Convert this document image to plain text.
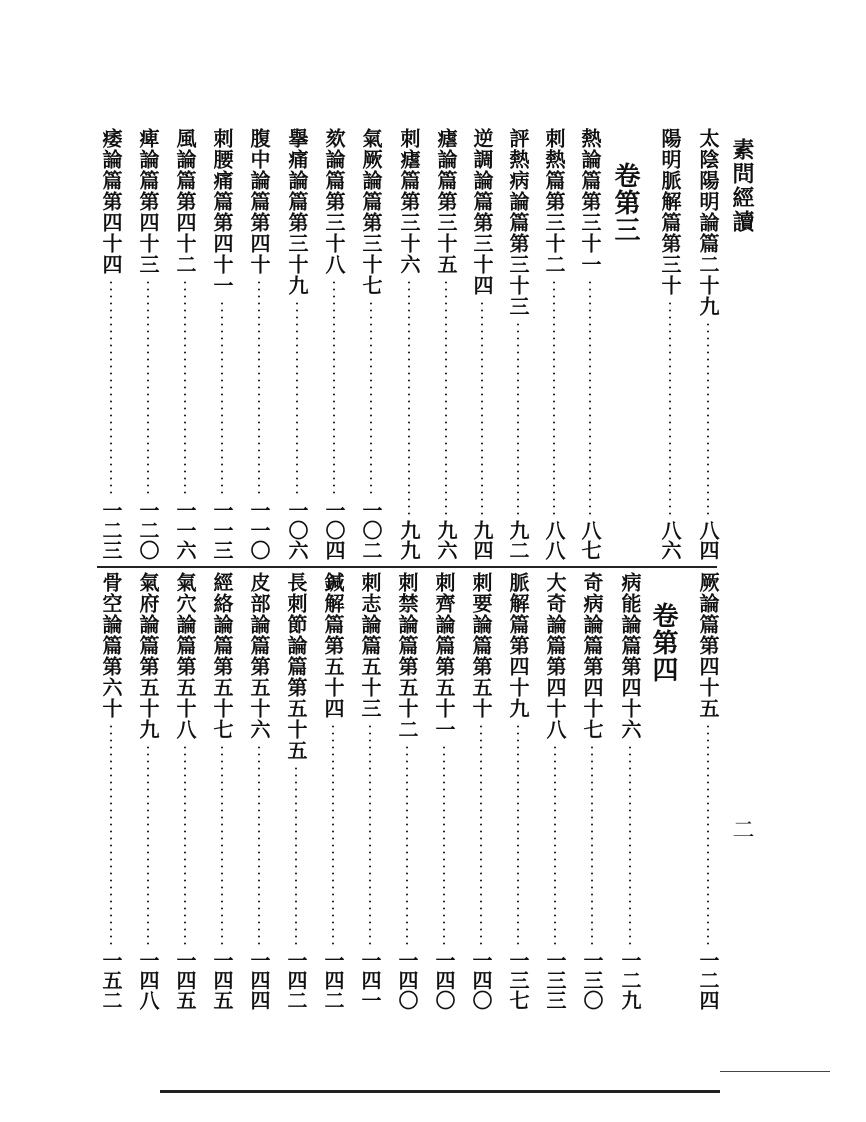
素問經讀
二
卷第三
卷第四
太陰陽明論篇二十九
八四
陽明脈解篇第三十
八六
熱論篇第三十一
八七
刺熱篇第三十二
八八
評熱病論篇第三十三
九二
逆調論篇第三十四
九四
瘧論篇第三十五
九六
刺瘧篇第三十六
九九
氣厥論篇第三十七
一〇二
欬論篇第三十八
一〇四
擧痛論篇第三十九
一〇六
腹中論篇第四十
一一〇
刺腰痛篇第四十一
一一三
風論篇第四十二
一一六
痺論篇第四十三
一二〇
痿論篇第四十四
一二三
厥論篇第四十五
一二四
病能論篇第四十六
一二九
奇病論篇第四十七
一三〇
大奇論篇第四十八
一三三
脈解篇第四十九
一三七
刺要論篇第五十
一四〇
刺齊論篇第五十一
一四〇
刺禁論篇第五十二
一四〇
刺志論篇五十三
一四一
鍼解篇第五十四
一四二
長刺節論篇第五十五
一四二
皮部論篇第五十六
一四四
經絡論篇第五十七
一四五
氣穴論篇第五十八
一四五
氣府論篇第五十九
一四八
骨空論篇第六十
一五二
